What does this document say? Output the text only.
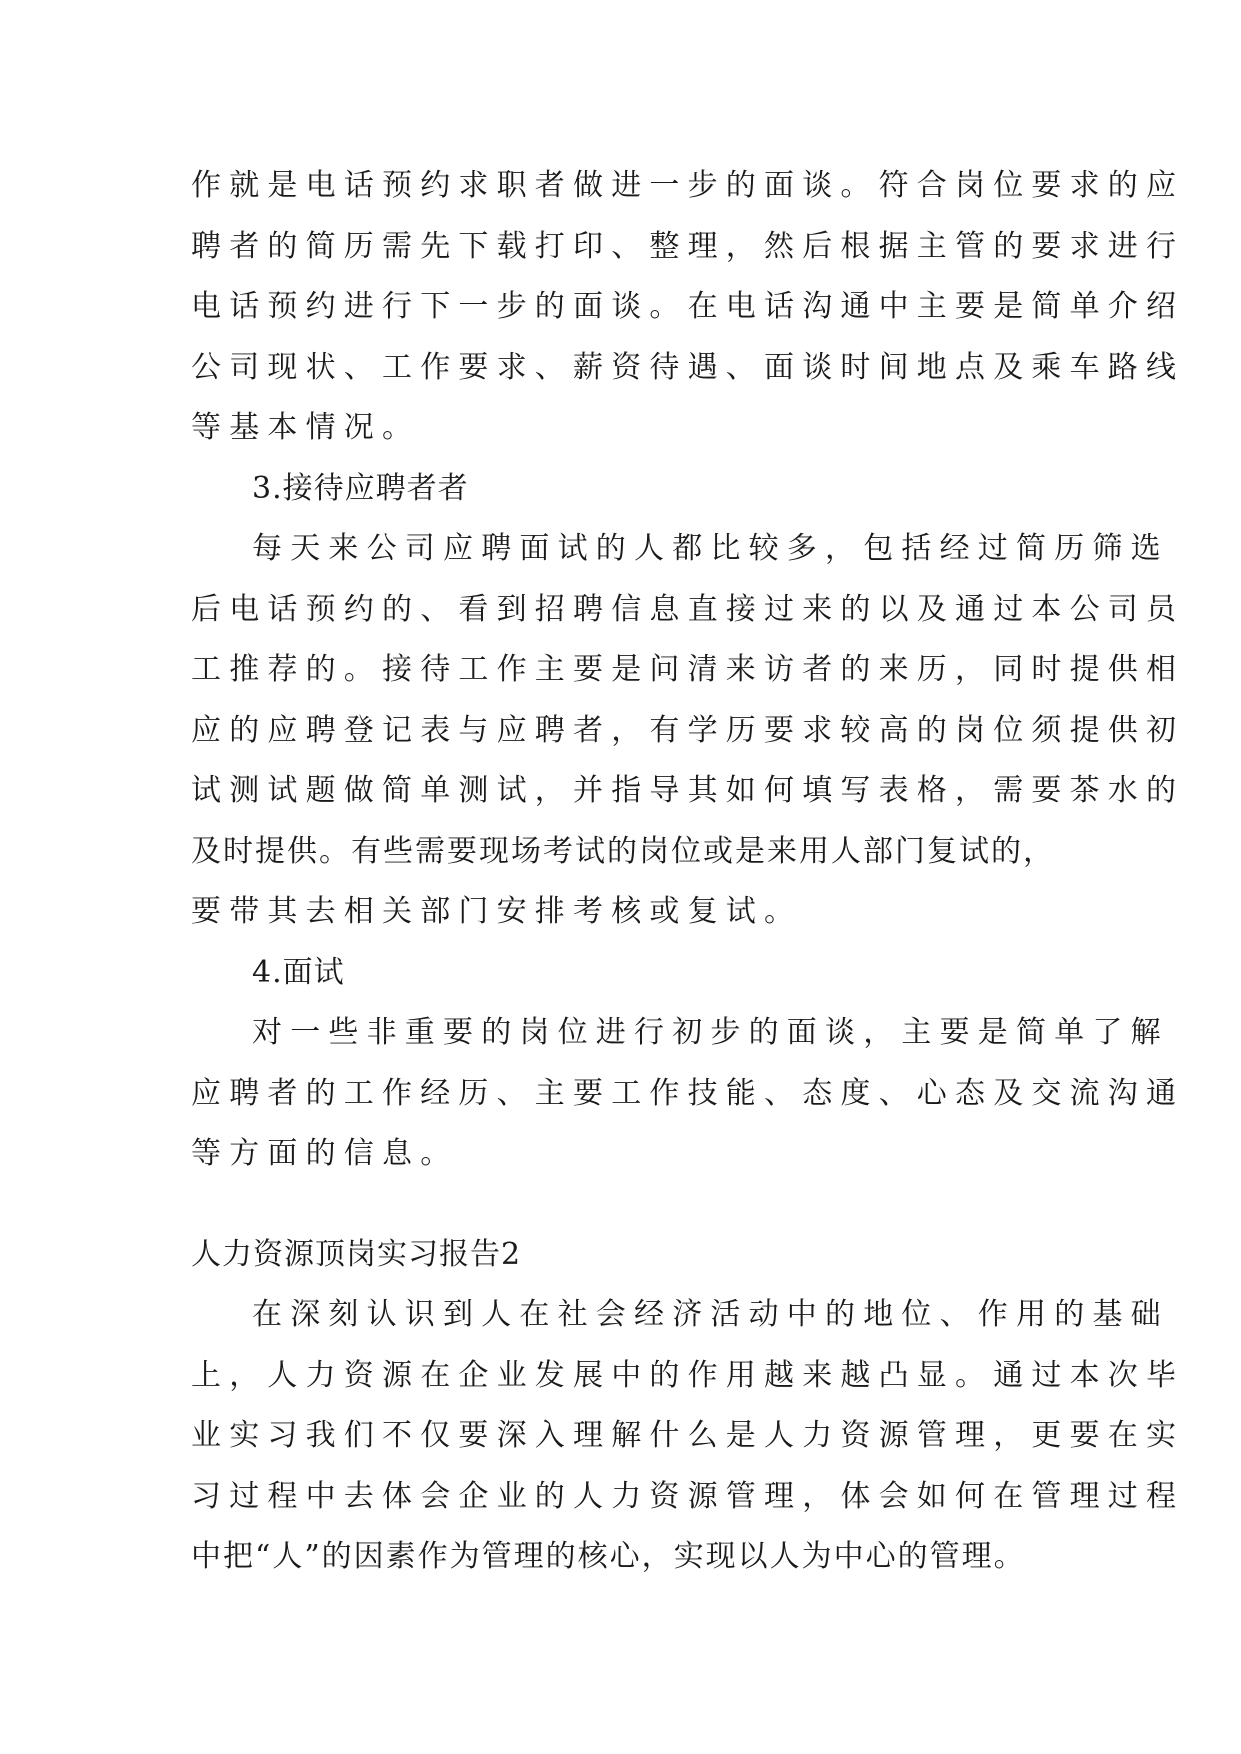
作就是电话预约求职者做进一步的面谈。符合岗位要求的应
聘者的简历需先下载打印、整理，然后根据主管的要求进行
电话预约进行下一步的面谈。在电话沟通中主要是简单介绍
公司现状、工作要求、薪资待遇、面谈时间地点及乘车路线
等基本情况。
3.接待应聘者者
每天来公司应聘面试的人都比较多，包括经过简历筛选
后电话预约的、看到招聘信息直接过来的以及通过本公司员
工推荐的。接待工作主要是问清来访者的来历，同时提供相
应的应聘登记表与应聘者，有学历要求较高的岗位须提供初
试测试题做简单测试，并指导其如何填写表格，需要茶水的
及时提供。有些需要现场考试的岗位或是来用人部门复试的，
要带其去相关部门安排考核或复试。
4.面试
对一些非重要的岗位进行初步的面谈，主要是简单了解
应聘者的工作经历、主要工作技能、态度、心态及交流沟通
等方面的信息。
人力资源顶岗实习报告2
在深刻认识到人在社会经济活动中的地位、作用的基础
上，人力资源在企业发展中的作用越来越凸显。通过本次毕
业实习我们不仅要深入理解什么是人力资源管理，更要在实
习过程中去体会企业的人力资源管理，体会如何在管理过程
中把“人”的因素作为管理的核心，实现以人为中心的管理。
